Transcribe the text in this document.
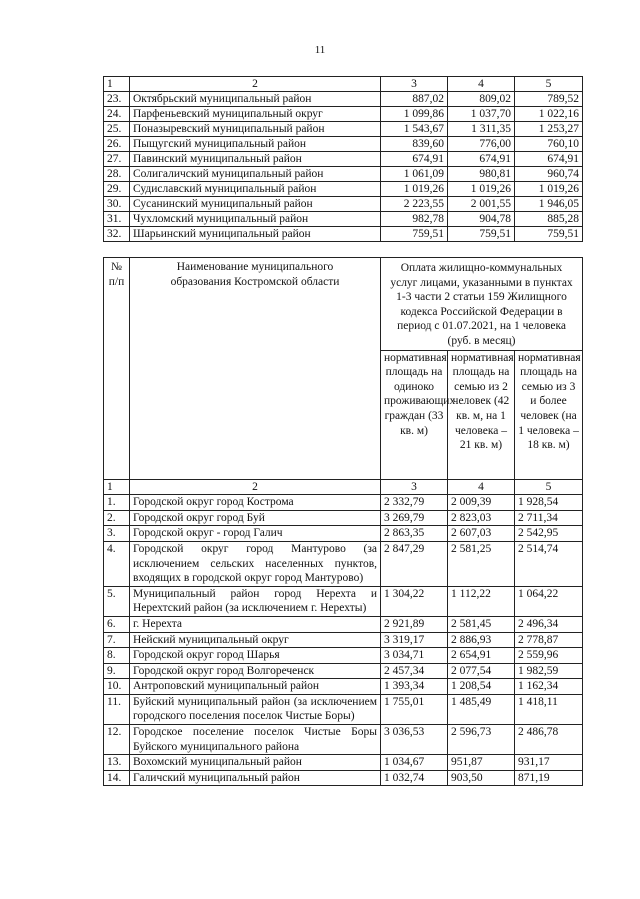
11
1	2	3	4	5
23.	Октябрьский муниципальный район	887,02	809,02	789,52
24.	Парфеньевский муниципальный округ	1 099,86	1 037,70	1 022,16
25.	Поназыревский муниципальный район	1 543,67	1 311,35	1 253,27
26.	Пыщугский муниципальный район	839,60	776,00	760,10
27.	Павинский муниципальный район	674,91	674,91	674,91
28.	Солигаличский муниципальный район	1 061,09	980,81	960,74
29.	Судиславский муниципальный район	1 019,26	1 019,26	1 019,26
30.	Сусанинский муниципальный район	2 223,55	2 001,55	1 946,05
31.	Чухломский муниципальный район	982,78	904,78	885,28
32.	Шарьинский муниципальный район	759,51	759,51	759,51
№ п/п	Наименование муниципального образования Костромской области	Оплата жилищно-коммунальных услуг лицами, указанными в пунктах 1-3 части 2 статьи 159 Жилищного кодекса Российской Федерации в период с 01.07.2021, на 1 человека (руб. в месяц)		
		нормативная площадь на одиноко проживающих граждан (33 кв. м)	нормативная площадь на семью из 2 человек (42 кв. м, на 1 человека – 21 кв. м)	нормативная площадь на семью из 3 и более человек (на 1 человека – 18 кв. м)
1	2	3	4	5
1.	Городской округ город Кострома	2 332,79	2 009,39	1 928,54
2.	Городской округ город Буй	3 269,79	2 823,03	2 711,34
3.	Городской округ - город Галич	2 863,35	2 607,03	2 542,95
4.	Городской округ город Мантурово (за исключением сельских населенных пунктов, входящих в городской округ город Мантурово)	2 847,29	2 581,25	2 514,74
5.	Муниципальный район город Нерехта и Нерехтский район (за исключением г. Нерехты)	1 304,22	1 112,22	1 064,22
6.	г. Нерехта	2 921,89	2 581,45	2 496,34
7.	Нейский муниципальный округ	3 319,17	2 886,93	2 778,87
8.	Городской округ город Шарья	3 034,71	2 654,91	2 559,96
9.	Городской округ город Волгореченск	2 457,34	2 077,54	1 982,59
10.	Антроповский муниципальный район	1 393,34	1 208,54	1 162,34
11.	Буйский муниципальный район (за исключением городского поселения поселок Чистые Боры)	1 755,01	1 485,49	1 418,11
12.	Городское поселение поселок Чистые Боры Буйского муниципального района	3 036,53	2 596,73	2 486,78
13.	Вохомский муниципальный район	1 034,67	951,87	931,17
14.	Галичский муниципальный район	1 032,74	903,50	871,19
